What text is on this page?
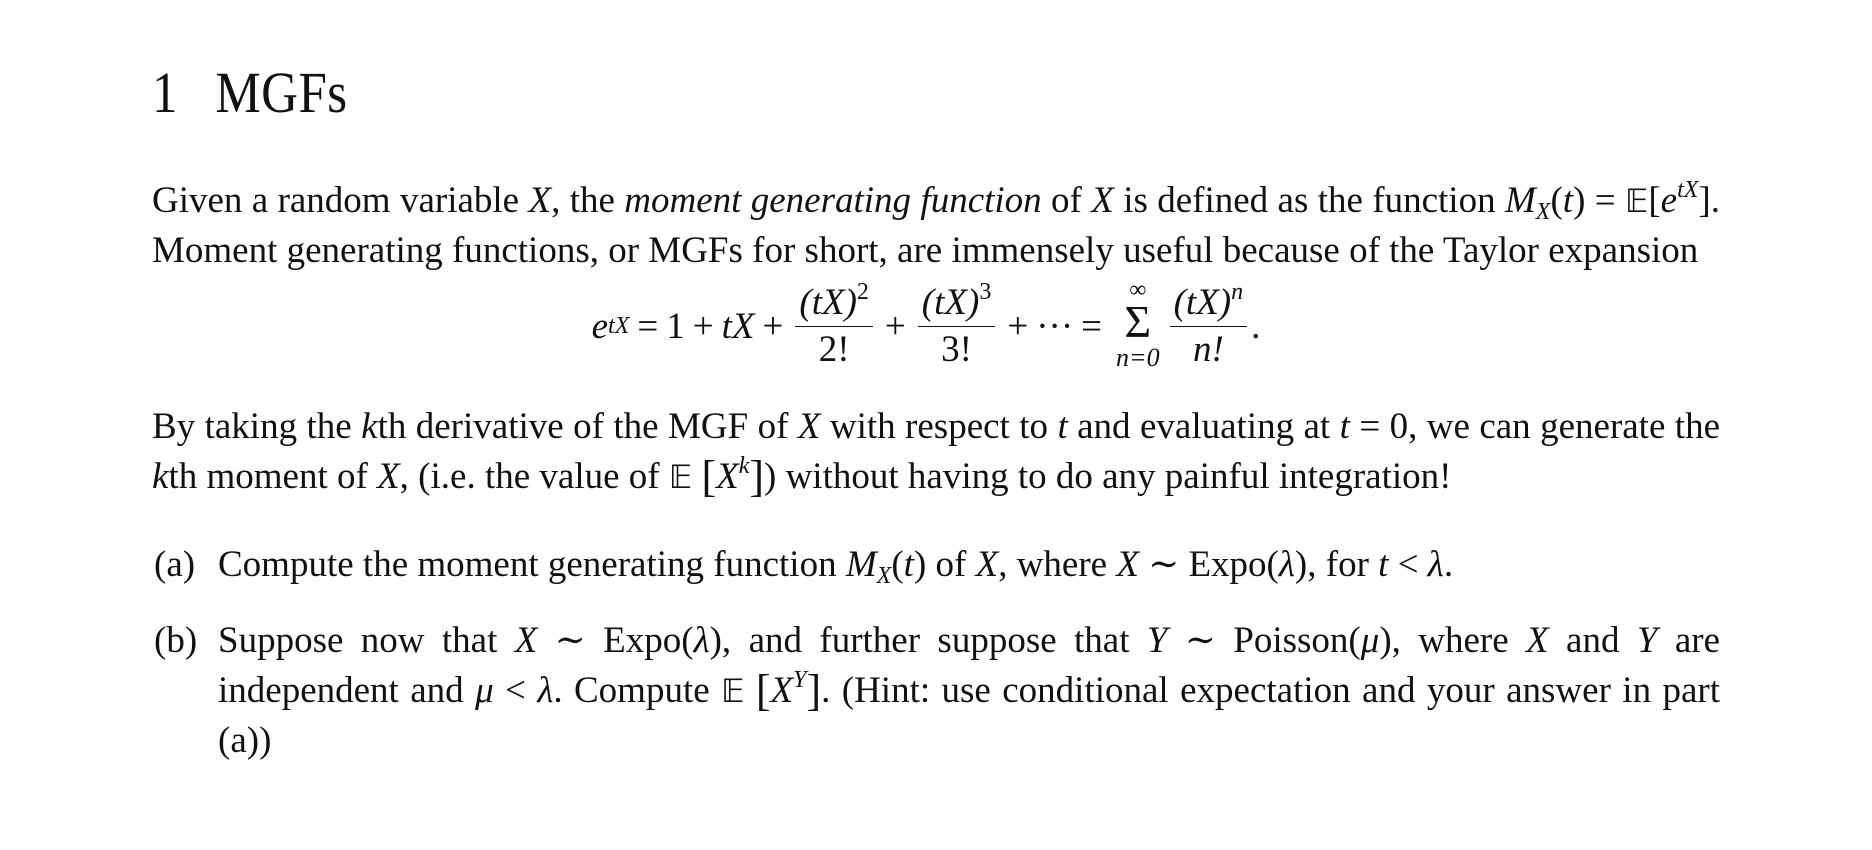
1 MGFs

Given a random variable X, the moment generating function of X is defined as the function $M_X(t)$ = $𝔼[e^{tX}]$. Moment generating functions, or MGFs for short, are immensely useful because of the Taylor expansion

e tX = 1 + tX + $\frac{(tX)^2}{2!} + \frac{(tX)^3}{3!}$ + ··· =
∞
Σ
$n=0 \frac{(tX)^n}{n!}$ .

By taking the kth derivative of the MGF of X with respect to t and evaluating at t = 0, we can generate the kth moment of X, (i.e. the value of 𝔼 $[X^k]$) without having to do any painful integration!

(a) Compute the moment generating function $M_X(t)$ of X, where X ∼ Expo(λ), for t < λ.
(b) Suppose now that X ∼ Expo(λ), and further suppose that Y ∼ Poisson(μ), where X and Y are independent and μ < λ. Compute 𝔼 $[X^Y]$. (Hint: use conditional expectation and your answer in part (a))
